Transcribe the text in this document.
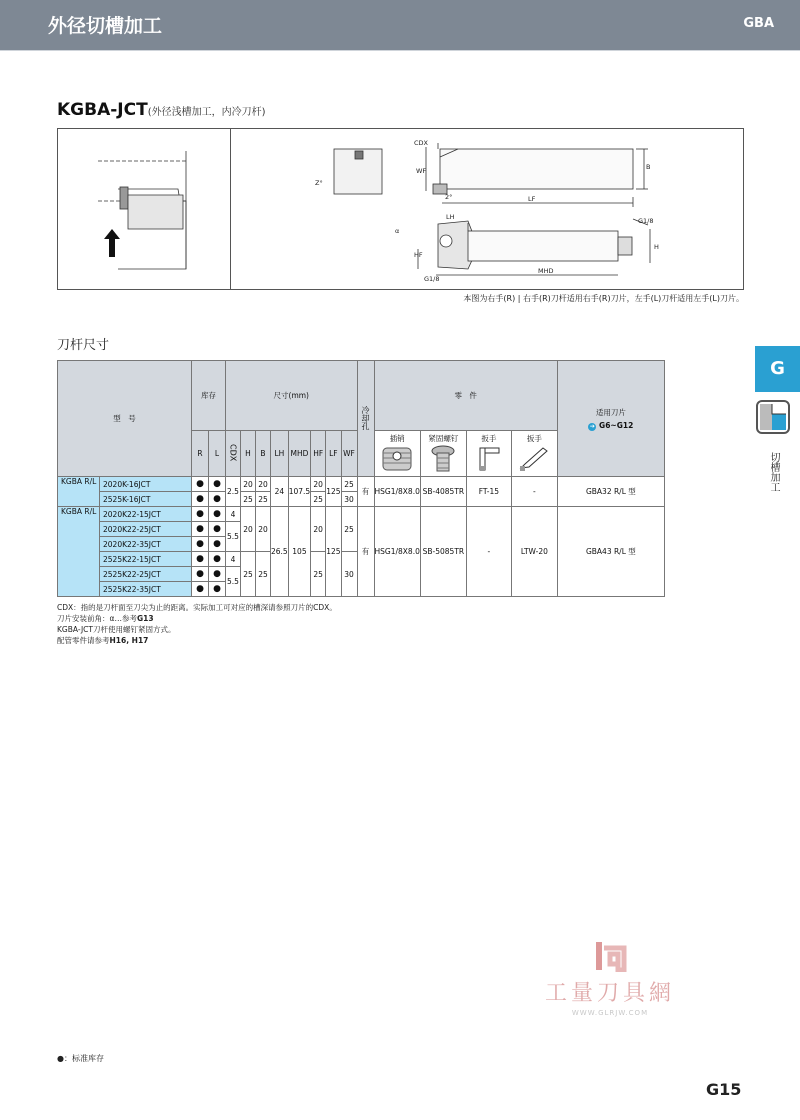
外径切槽加工	GBA
KGBA-JCT(外径浅槽加工，内冷刀杆)
CDX
B
WF
LF
LH
H
HF
MHD
G1/8
G1/8
α
Z°
2°
本图为右手(R) | 右手(R)刀杆适用右手(R)刀片，左手(L)刀杆适用左手(L)刀片。
刀杆尺寸
型　号		库存		尺寸(mm)								冷却孔	零　件				适用刀片
➔ G6~G12

		R	L	CDX	H	B	LH	MHD	HF	LF	WF		插销	紧固螺钉	扳手	扳手	

KGBA R/L	2020K-16JCT	●	●	2.5	20	20	24	107.5	20	125	25	有	HSG1/8X8.0	SB-4085TR	FT-15	-	GBA32 R/L 型
	2525K-16JCT	●	●		25	25			25		30						
KGBA R/L	2020K22-15JCT	●	●	4	20	20	26.5	105	20	125	25	有	HSG1/8X8.0	SB-5085TR	-	LTW-20	GBA43 R/L 型
	2020K22-25JCT	●	●	5.5													
	2020K22-35JCT	●	●														
	2525K22-15JCT	●	●	4	25	25			25		30						
	2525K22-25JCT	●	●	5.5													
	2525K22-35JCT	●	●														
CDX：指的是刀杆面至刀尖为止的距离。实际加工可对应的槽深请参照刀片的CDX。
刀片安装前角：α…参考G13
KGBA-JCT刀杆使用螺钉紧固方式。
配管零件请参考H16, H17
G
切槽加工
工量刀具網
WWW.GLRJW.COM
●：标准库存
G15
